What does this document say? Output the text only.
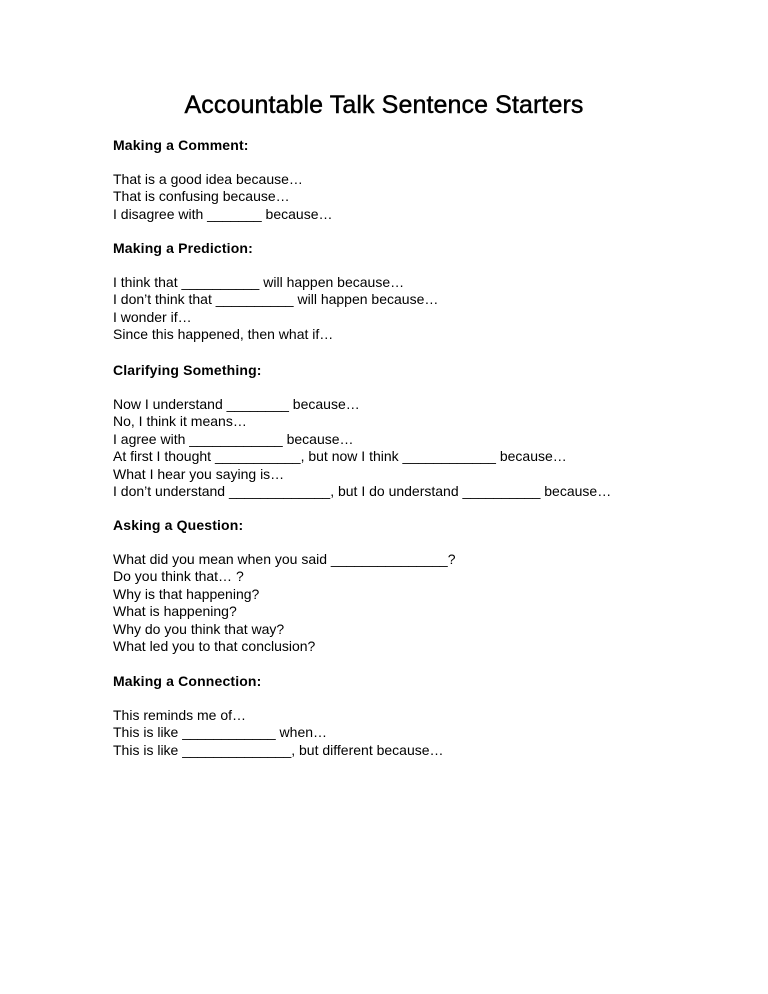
Accountable Talk Sentence Starters
Making a Comment:
That is a good idea because…
That is confusing because…
I disagree with _______ because…
Making a Prediction:
I think that __________ will happen because…
I don’t think that __________ will happen because…
I wonder if…
Since this happened, then what if…
Clarifying Something:
Now I understand ________ because…
No, I think it means…
I agree with ____________ because…
At first I thought ___________, but now I think ____________ because…
What I hear you saying is…
I don’t understand _____________, but I do understand __________ because…
Asking a Question:
What did you mean when you said _______________?
Do you think that… ?
Why is that happening?
What is happening?
Why do you think that way?
What led you to that conclusion?
Making a Connection:
This reminds me of…
This is like ____________ when…
This is like ______________, but different because…
